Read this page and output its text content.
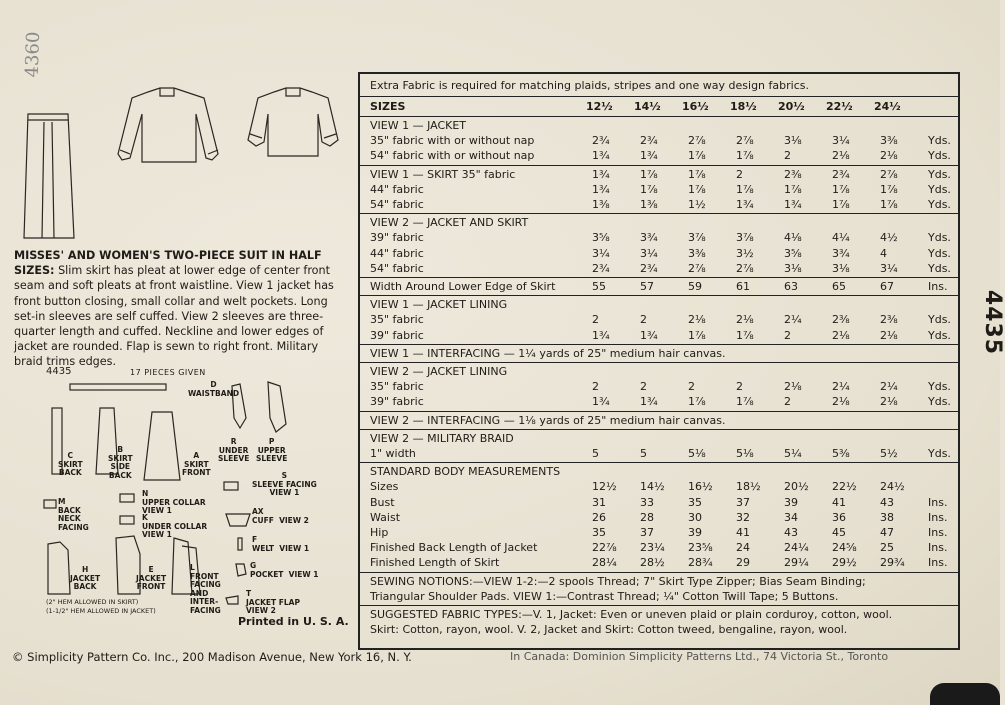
4360
MISSES' AND WOMEN'S TWO-PIECE SUIT IN HALF SIZES: Slim skirt has pleat at lower edge of center front seam and soft pleats at front waistline. View 1 jacket has front button closing, small collar and welt pockets. Long set-in sleeves are self cuffed. View 2 sleeves are three-quarter length and cuffed. Neckline and lower edges of jacket are rounded. Flap is sewn to right front. Military braid trims edges.
4435	17 PIECES GIVEN
D
WAISTBAND
R
UNDER
SLEEVE
P
UPPER
SLEEVE
C
SKIRT
BACK
B
SKIRT
SIDE
BACK
A
SKIRT
FRONT	S
SLEEVE FACING
VIEW 1
M
BACK
NECK
FACING
N
UPPER COLLAR
VIEW 1
K
UNDER COLLAR
VIEW 1
AX
CUFF  VIEW 2
F
WELT  VIEW 1
G
POCKET  VIEW 1
T
JACKET FLAP
VIEW 2
H
JACKET
BACK
E
JACKET
FRONT
L
FRONT
FACING
AND
INTER-
FACING
(2" HEM ALLOWED IN SKIRT)
(1-1/2" HEM ALLOWED IN JACKET)
Printed in U. S. A.
© Simplicity Pattern Co. Inc., 200 Madison Avenue, New York 16, N. Y.	In Canada: Dominion Simplicity Patterns Ltd., 74 Victoria St., Toronto
4435
Extra Fabric is required for matching plaids, stripes and one way design fabrics.
SIZES	12½ 14½ 16½ 18½ 20½ 22½ 24½
VIEW 1 — JACKET
35" fabric with or without nap	2¾	2¾	2⅞	2⅞	3⅛	3¼	3⅜	Yds.
54" fabric with or without nap	1¾	1¾	1⅞	1⅞	2	2⅛	2⅛	Yds.
VIEW 1 — SKIRT 35" fabric	1¾	1⅞	1⅞	2	2⅜	2¾	2⅞	Yds.
44" fabric	1¾	1⅞	1⅞	1⅞	1⅞	1⅞	1⅞	Yds.
54" fabric	1⅜	1⅜	1½	1¾	1¾	1⅞	1⅞	Yds.
VIEW 2 — JACKET AND SKIRT
39" fabric	3⅝	3¾	3⅞	3⅞	4⅛	4¼	4½	Yds.
44" fabric	3¼	3¼	3⅜	3½	3⅝	3¾	4	Yds.
54" fabric	2¾	2¾	2⅞	2⅞	3⅛	3⅛	3¼	Yds.
Width Around Lower Edge of Skirt	55	57	59	61	63	65	67	Ins.
VIEW 1 — JACKET LINING
35" fabric	2	2	2⅛	2⅛	2¼	2⅜	2⅜	Yds.
39" fabric	1¾	1¾	1⅞	1⅞	2	2⅛	2⅛	Yds.
VIEW 1 — INTERFACING — 1¼ yards of 25" medium hair canvas.
VIEW 2 — JACKET LINING
35" fabric	2	2	2	2	2⅛	2¼	2¼	Yds.
39" fabric	1¾	1¾	1⅞	1⅞	2	2⅛	2⅛	Yds.
VIEW 2 — INTERFACING — 1⅛ yards of 25" medium hair canvas.
VIEW 2 — MILITARY BRAID
1" width	5	5	5⅛	5⅛	5¼	5⅜	5½	Yds.
STANDARD BODY MEASUREMENTS
Sizes	12½ 14½ 16½ 18½ 20½ 22½ 24½
Bust	31	33	35	37	39	41	43	Ins.
Waist	26	28	30	32	34	36	38	Ins.
Hip	35	37	39	41	43	45	47	Ins.
Finished Back Length of Jacket	22⅞ 23¼ 23⅝ 24	24¼ 24⅝ 25	Ins.
Finished Length of Skirt	28¼ 28½ 28¾ 29	29¼ 29½ 29¾ Ins.
SEWING NOTIONS:—VIEW 1-2:—2 spools Thread; 7" Skirt Type Zipper; Bias Seam Binding;
Triangular Shoulder Pads. VIEW 1:—Contrast Thread; ¼" Cotton Twill Tape; 5 Buttons.
SUGGESTED FABRIC TYPES:—V. 1, Jacket: Even or uneven plaid or plain corduroy, cotton, wool.
Skirt: Cotton, rayon, wool. V. 2, Jacket and Skirt: Cotton tweed, bengaline, rayon, wool.
